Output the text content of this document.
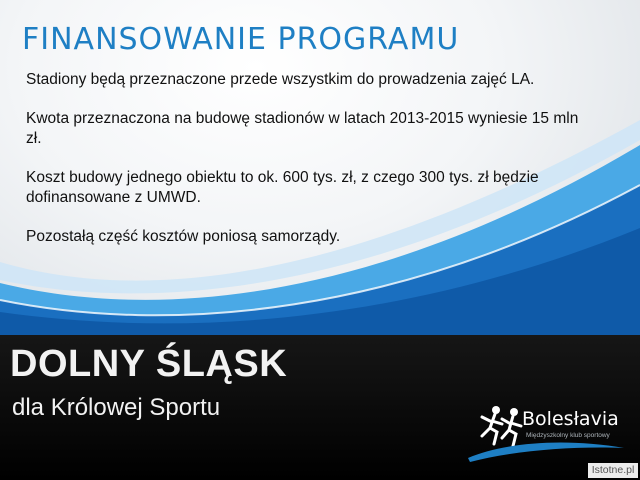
FINANSOWANIE PROGRAMU

Stadiony będą przeznaczone przede wszystkim do prowadzenia zajęć LA.

Kwota przeznaczona na budowę stadionów w latach 2013-2015 wyniesie 15 mln zł.

Koszt budowy jednego obiektu to ok. 600 tys. zł, z czego 300 tys. zł będzie dofinansowane z UMWD.

Pozostałą część kosztów poniosą samorządy.

DOLNY ŚLĄSK

dla Królowej Sportu	Bolesłavia
Międzyszkolny klub sportowy
Istotne.pl
